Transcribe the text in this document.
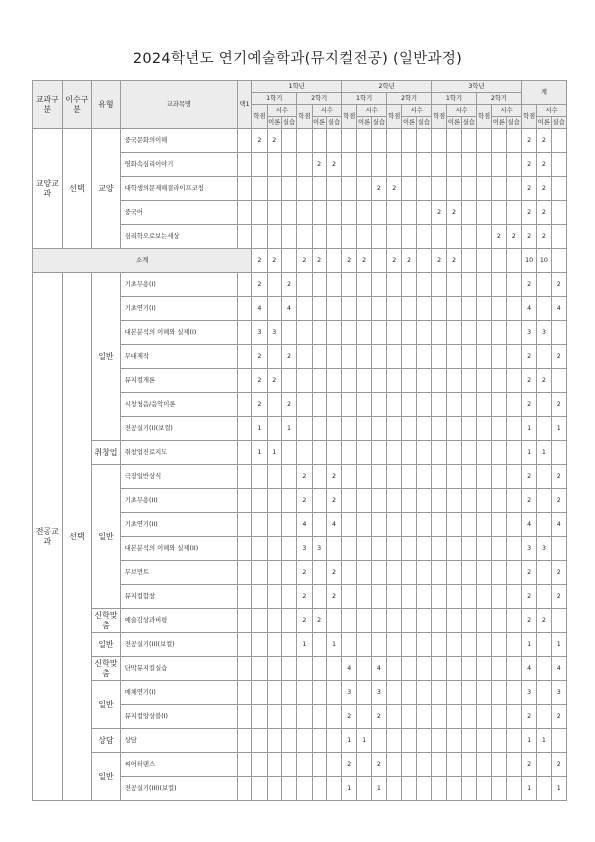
2024학년도 연기예술학과(뮤지컬전공) (일반과정)
교과구분	이수구분	유형	교과목명	택1	1학년						2학년						3학년						계		
					1학기			2학기			1학기			2학기			1학기			2학기					
					학점	시수		학점	시수		학점	시수		학점	시수		학점	시수		학점	시수		학점	시수	
						이론	실습		이론	실습		이론	실습		이론	실습		이론	실습		이론	실습		이론	실습
교양교과	선택	교양	중국문화의이해		2	2																	2	2	
			영화속심리이야기						2	2													2	2	
			대학생의문제해결라이프코칭										2	2									2	2	
			중국어														2	2					2	2	
			심리학으로보는세상																		2	2	2	2	
소계					2	2		2	2		2	2		2	2		2	2					10	10	
전공교과	선택	일반	기초무용(I)		2		2																2		2
			기초연기(I)		4		4																4		4
			대본분석의 이해와 실제(I)		3	3																	3	3	
			무대제작		2		2																2		2
			뮤지컬개론		2	2																	2	2	
			시창청음/음악이론		2		2																2		2
			전공실기(I)(보컬)		1		1																1		1
		취창업	취창업진로지도		1	1																	1	1	
		일반	극장일반상식					2		2													2		2
			기초무용(II)					2		2													2		2
			기초연기(II)					4		4													4		4
			대본분석의 이해와 실제(II)					3	3														3	3	
			무브먼트					2		2													2		2
			뮤지컬합창					2		2													2		2
		신학맞춤	예술감상과비평					2	2														2	2	
		일반	전공실기(II)(보컬)					1		1													1		1
		신학맞춤	단막뮤지컬실습								4		4										4		4
		일반	매체연기(I)								3		3										3		3
			뮤지컬앙상블(I)								2		2										2		2
		상담	상담								1	1											1	1	
		일반	씨어터댄스								2		2										2		2
			전공실기(III)(보컬)								1		1										1		1
